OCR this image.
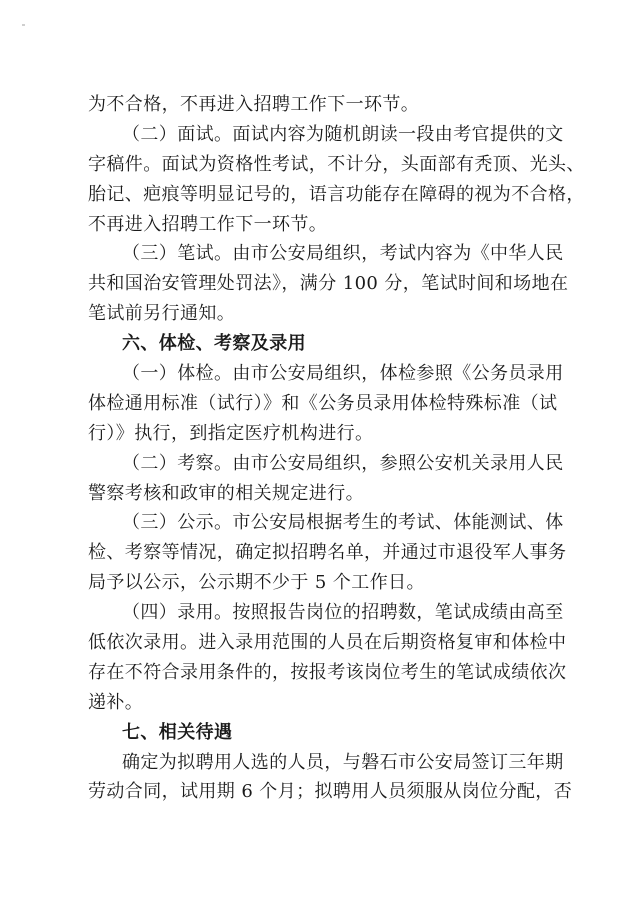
为不合格，不再进入招聘工作下一环节。
（二）面试。面试内容为随机朗读一段由考官提供的文
字稿件。面试为资格性考试，不计分，头面部有秃顶、光头、
胎记、疤痕等明显记号的，语言功能存在障碍的视为不合格，
不再进入招聘工作下一环节。
（三）笔试。由市公安局组织，考试内容为《中华人民
共和国治安管理处罚法》，满分 100 分，笔试时间和场地在
笔试前另行通知。
六、体检、考察及录用
（一）体检。由市公安局组织，体检参照《公务员录用
体检通用标准（试行）》和《公务员录用体检特殊标准（试
行）》执行，到指定医疗机构进行。
（二）考察。由市公安局组织，参照公安机关录用人民
警察考核和政审的相关规定进行。
（三）公示。市公安局根据考生的考试、体能测试、体
检、考察等情况，确定拟招聘名单，并通过市退役军人事务
局予以公示，公示期不少于 5 个工作日。
（四）录用。按照报告岗位的招聘数，笔试成绩由高至
低依次录用。进入录用范围的人员在后期资格复审和体检中
存在不符合录用条件的，按报考该岗位考生的笔试成绩依次
递补。
七、相关待遇
确定为拟聘用人选的人员，与磐石市公安局签订三年期
劳动合同，试用期 6 个月；拟聘用人员须服从岗位分配，否
